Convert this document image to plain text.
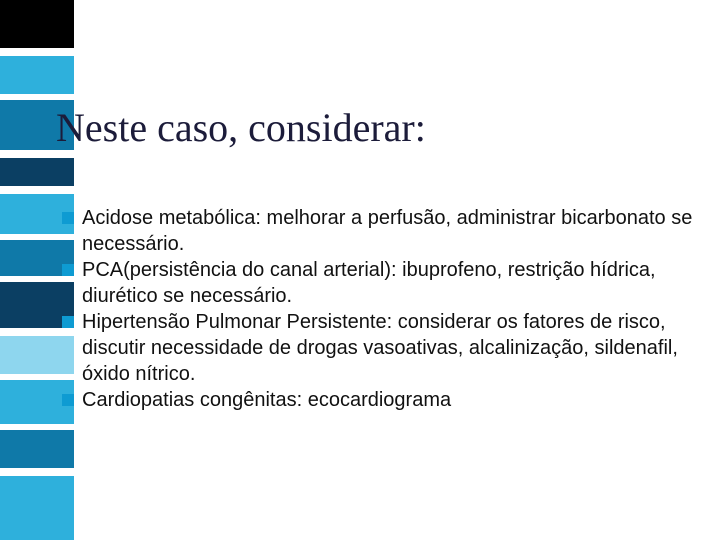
Neste caso, considerar:
Acidose metabólica: melhorar a perfusão, administrar bicarbonato se necessário.
PCA(persistência do canal arterial): ibuprofeno, restrição hídrica, diurético se necessário.
Hipertensão Pulmonar Persistente: considerar os fatores de risco, discutir necessidade de drogas vasoativas, alcalinização, sildenafil, óxido nítrico.
Cardiopatias congênitas: ecocardiograma
